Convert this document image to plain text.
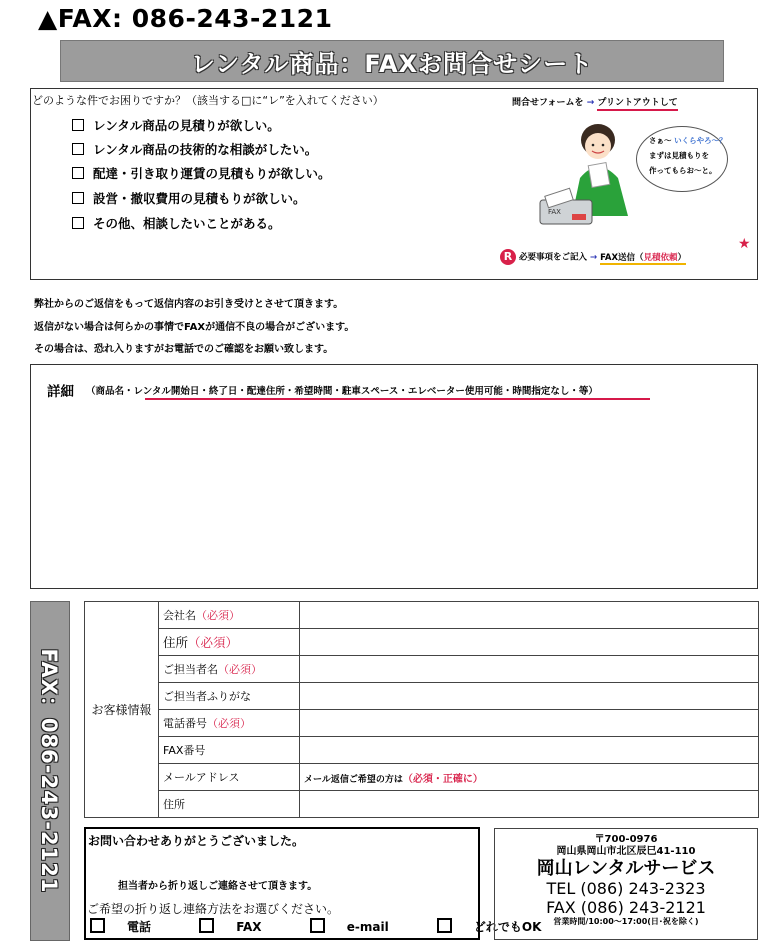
▲FAX: 086-243-2121
レンタル商品：FAXお問合せシート
どのような件でお困りですか？（該当する□に“レ”を入れてください）
レンタル商品の見積りが欲しい。
レンタル商品の技術的な相談がしたい。
配達・引き取り運賃の見積もりが欲しい。
設営・撤収費用の見積もりが欲しい。
その他、相談したいことがある。
問合せフォームを → プリントアウトして
FAX
さぁ〜 いくらやろ〜？
まずは見積もりを
作ってもらお〜と。
R 必要事項をご記入 → FAX送信（見積依頼）
★
弊社からのご返信をもって返信内容のお引き受けとさせて頂きます。
返信がない場合は何らかの事情でFAXが通信不良の場合がございます。
その場合は、恐れ入りますがお電話でのご確認をお願い致します。
詳細 （商品名・レンタル開始日・終了日・配達住所・希望時間・駐車スペース・エレベーター使用可能・時間指定なし・等）
FAX：086-243-2121	お客様情報	会社名（必須）	
	住所（必須）	
	ご担当者名（必須）	
	ご担当者ふりがな	
	電話番号（必須）	
	FAX番号	
	メールアドレス	メール返信ご希望の方は（必須・正確に）
	住所	
お問い合わせありがとうございました。
担当者から折り返しご連絡させて頂きます。
ご希望の折り返し連絡方法をお選びください。
電話	FAX	e-mail	どれでもOK
〒700-0976
岡山県岡山市北区辰巳41-110
岡山レンタルサービス
TEL (086) 243-2323
FAX (086) 243-2121
営業時間/10:00〜17:00(日･祝を除く)
